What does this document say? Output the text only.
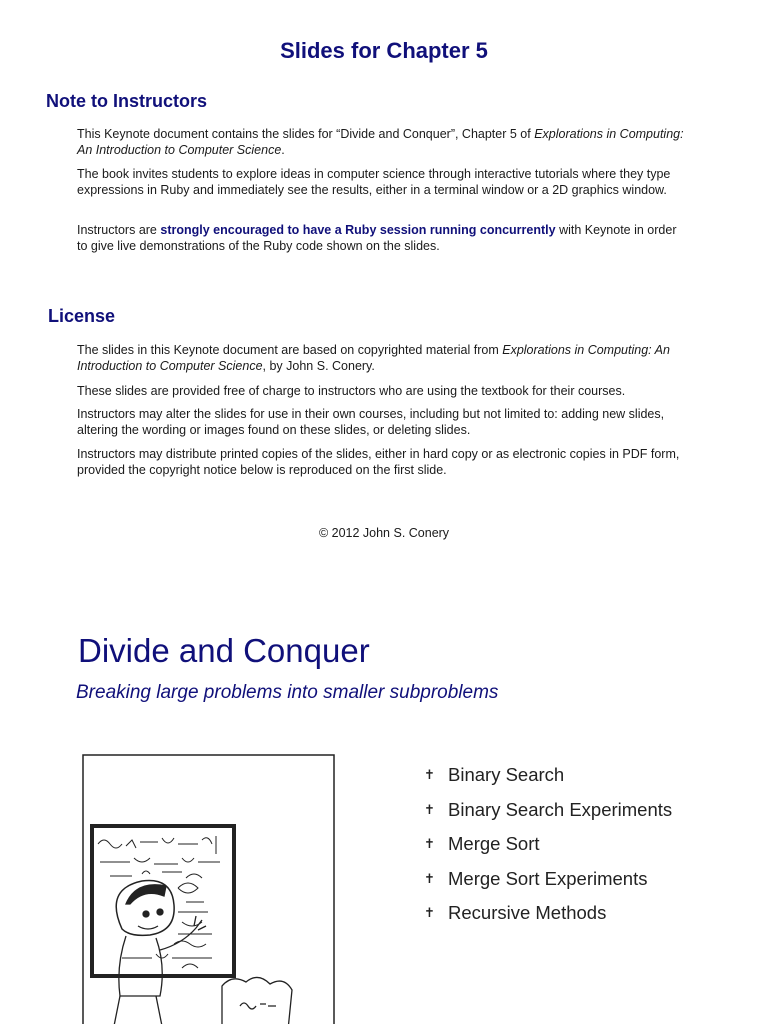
Slides for Chapter 5
Note to Instructors
This Keynote document contains the slides for “Divide and Conquer”, Chapter 5 of Explorations in Computing: An Introduction to Computer Science.
The book invites students to explore ideas in computer science through interactive tutorials where they type expressions in Ruby and immediately see the results, either in a terminal window or a 2D graphics window.
Instructors are strongly encouraged to have a Ruby session running concurrently with Keynote in order to give live demonstrations of the Ruby code shown on the slides.
License
The slides in this Keynote document are based on copyrighted material from Explorations in Computing: An Introduction to Computer Science, by John S. Conery.
These slides are provided free of charge to instructors who are using the textbook for their courses.
Instructors may alter the slides for use in their own courses, including but not limited to: adding new slides, altering the wording or images found on these slides, or deleting slides.
Instructors may distribute printed copies of the slides, either in hard copy or as electronic copies in PDF form, provided the copyright notice below is reproduced on the first slide.
© 2012 John S. Conery
Divide and Conquer
Breaking large problems into smaller subproblems
✝ Binary Search
✝ Binary Search Experiments
✝ Merge Sort
✝ Merge Sort Experiments
✝ Recursive Methods
